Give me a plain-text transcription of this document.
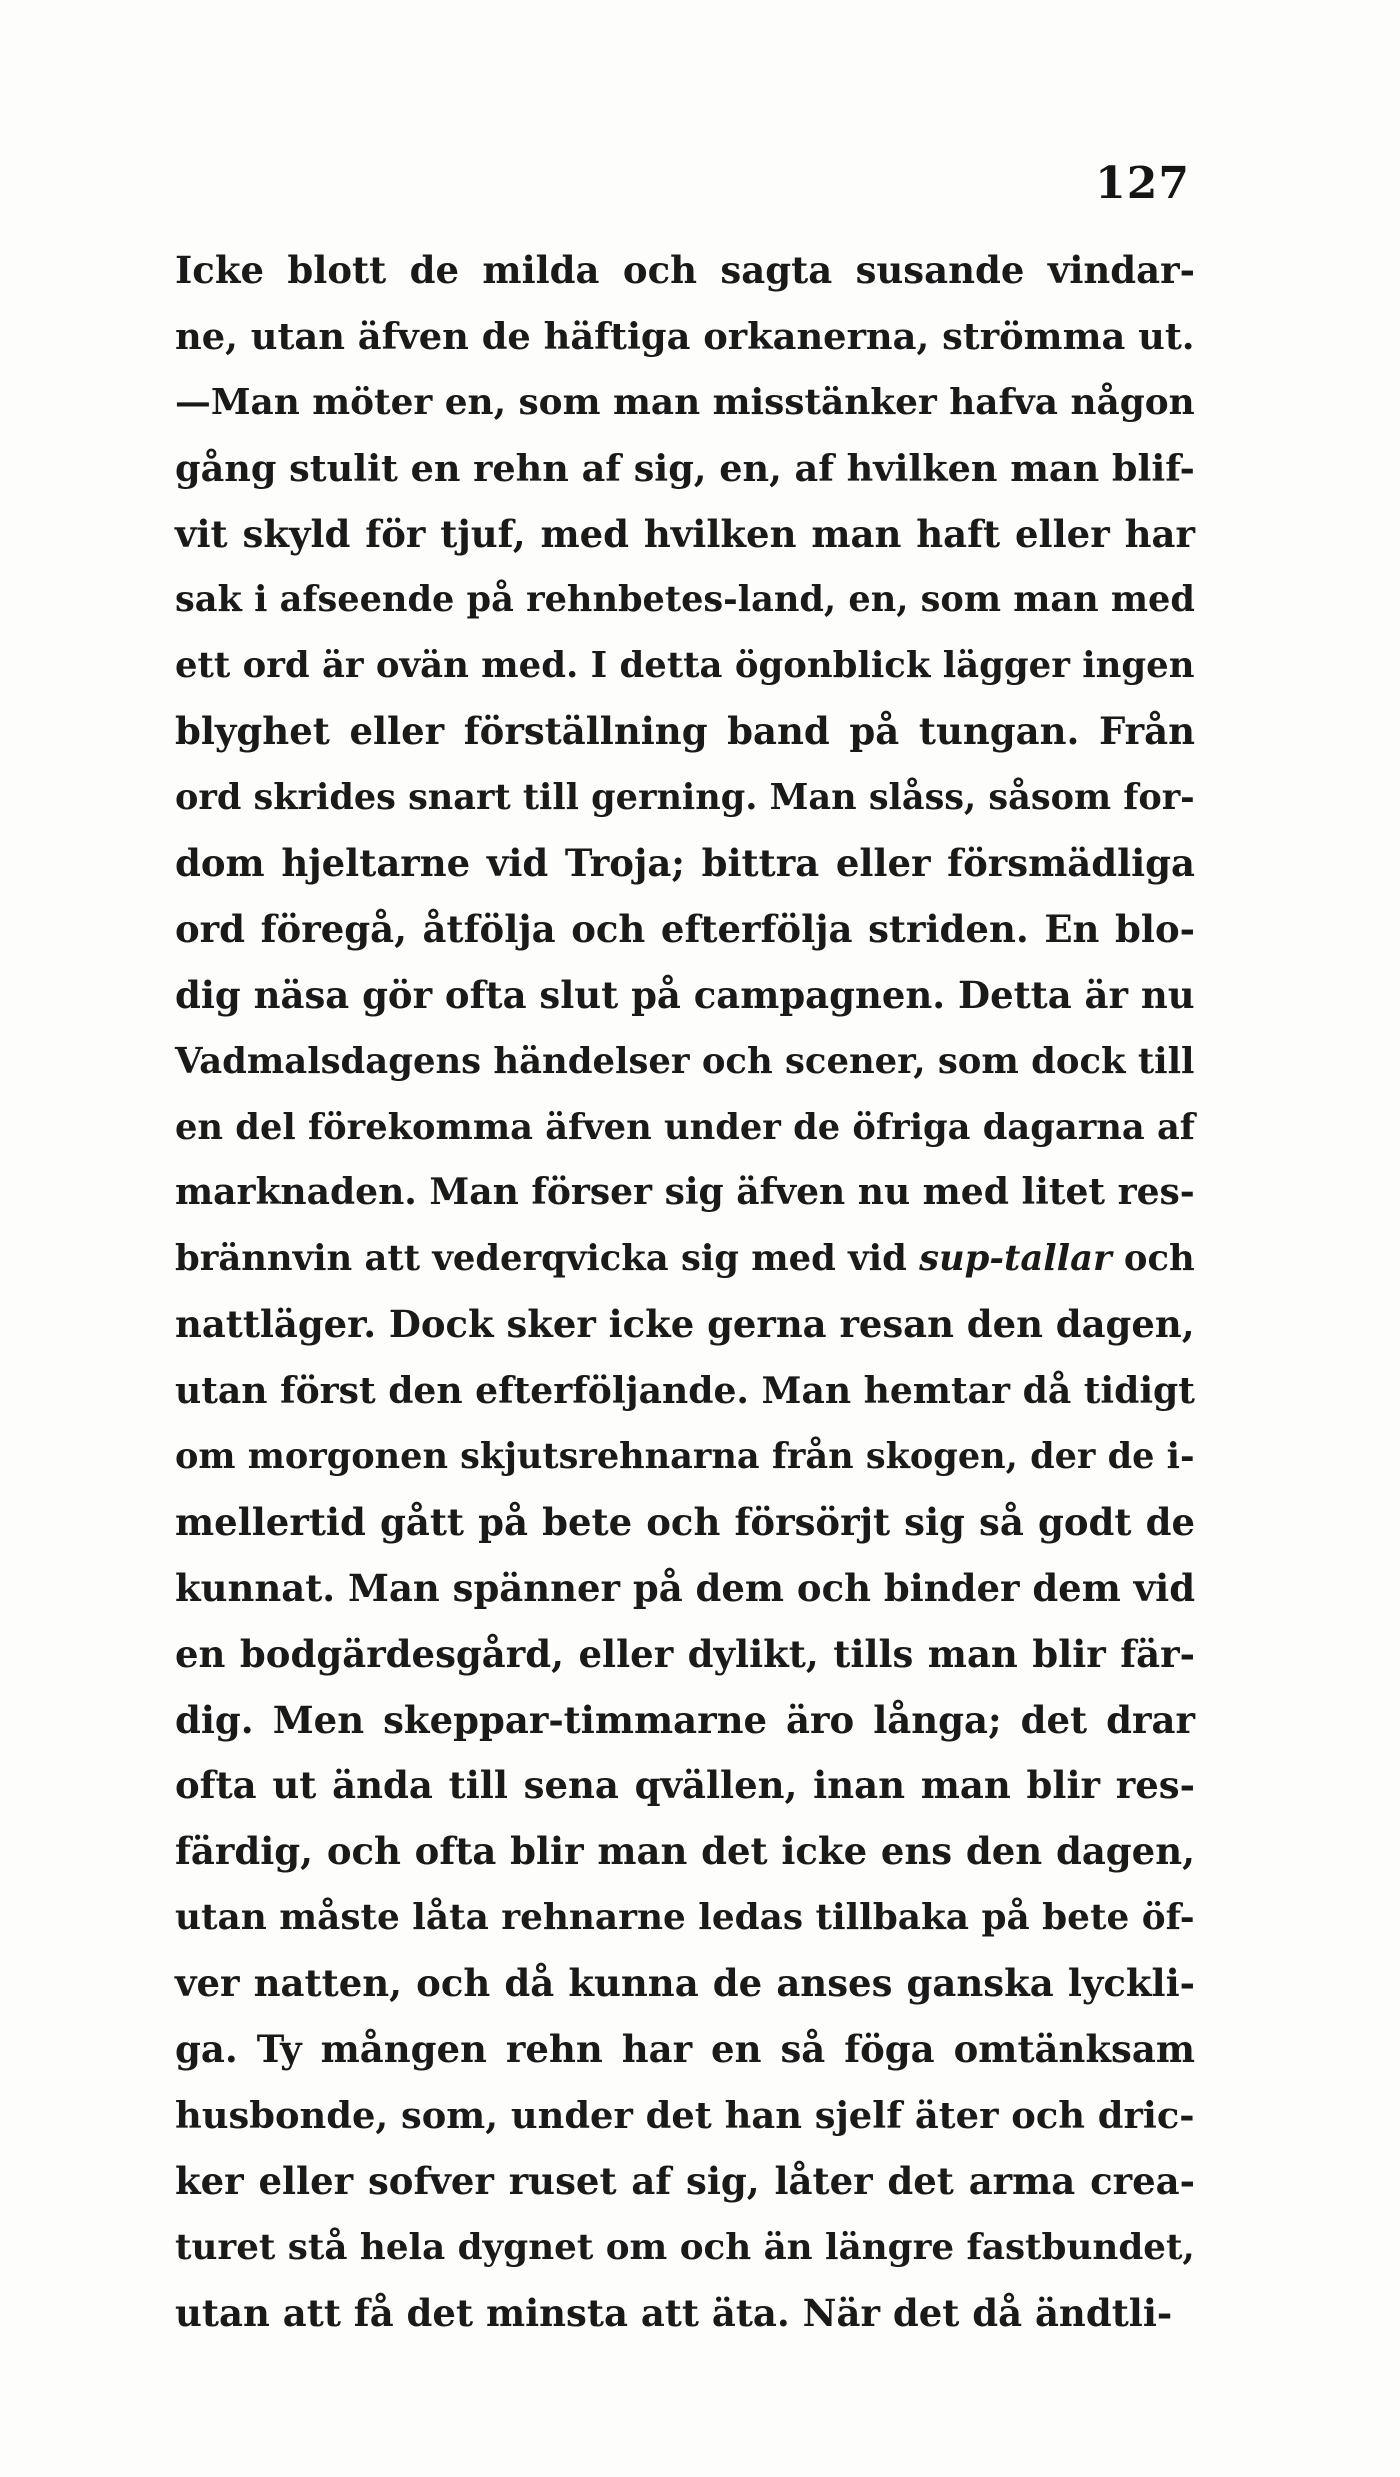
127
Icke blott de milda och sagta susande vindar-
ne, utan äfven de häftiga orkanerna, strömma ut.
—Man möter en, som man misstänker hafva någon
gång stulit en rehn af sig, en, af hvilken man blif-
vit skyld för tjuf, med hvilken man haft eller har
sak i afseende på rehnbetes-land, en, som man med
ett ord är ovän med. I detta ögonblick lägger ingen
blyghet eller förställning band på tungan. Från
ord skrides snart till gerning. Man slåss, såsom for-
dom hjeltarne vid Troja; bittra eller försmädliga
ord föregå, åtfölja och efterfölja striden. En blo-
dig näsa gör ofta slut på campagnen. Detta är nu
Vadmalsdagens händelser och scener, som dock till
en del förekomma äfven under de öfriga dagarna af
marknaden. Man förser sig äfven nu med litet res-
brännvin att vederqvicka sig med vid sup-tallar och
nattläger. Dock sker icke gerna resan den dagen,
utan först den efterföljande. Man hemtar då tidigt
om morgonen skjutsrehnarna från skogen, der de i-
mellertid gått på bete och försörjt sig så godt de
kunnat. Man spänner på dem och binder dem vid
en bodgärdesgård, eller dylikt, tills man blir fär-
dig. Men skeppar-timmarne äro långa; det drar
ofta ut ända till sena qvällen, inan man blir res-
färdig, och ofta blir man det icke ens den dagen,
utan måste låta rehnarne ledas tillbaka på bete öf-
ver natten, och då kunna de anses ganska lyckli-
ga. Ty mången rehn har en så föga omtänksam
husbonde, som, under det han sjelf äter och dric-
ker eller sofver ruset af sig, låter det arma crea-
turet stå hela dygnet om och än längre fastbundet,
utan att få det minsta att äta. När det då ändtli-
